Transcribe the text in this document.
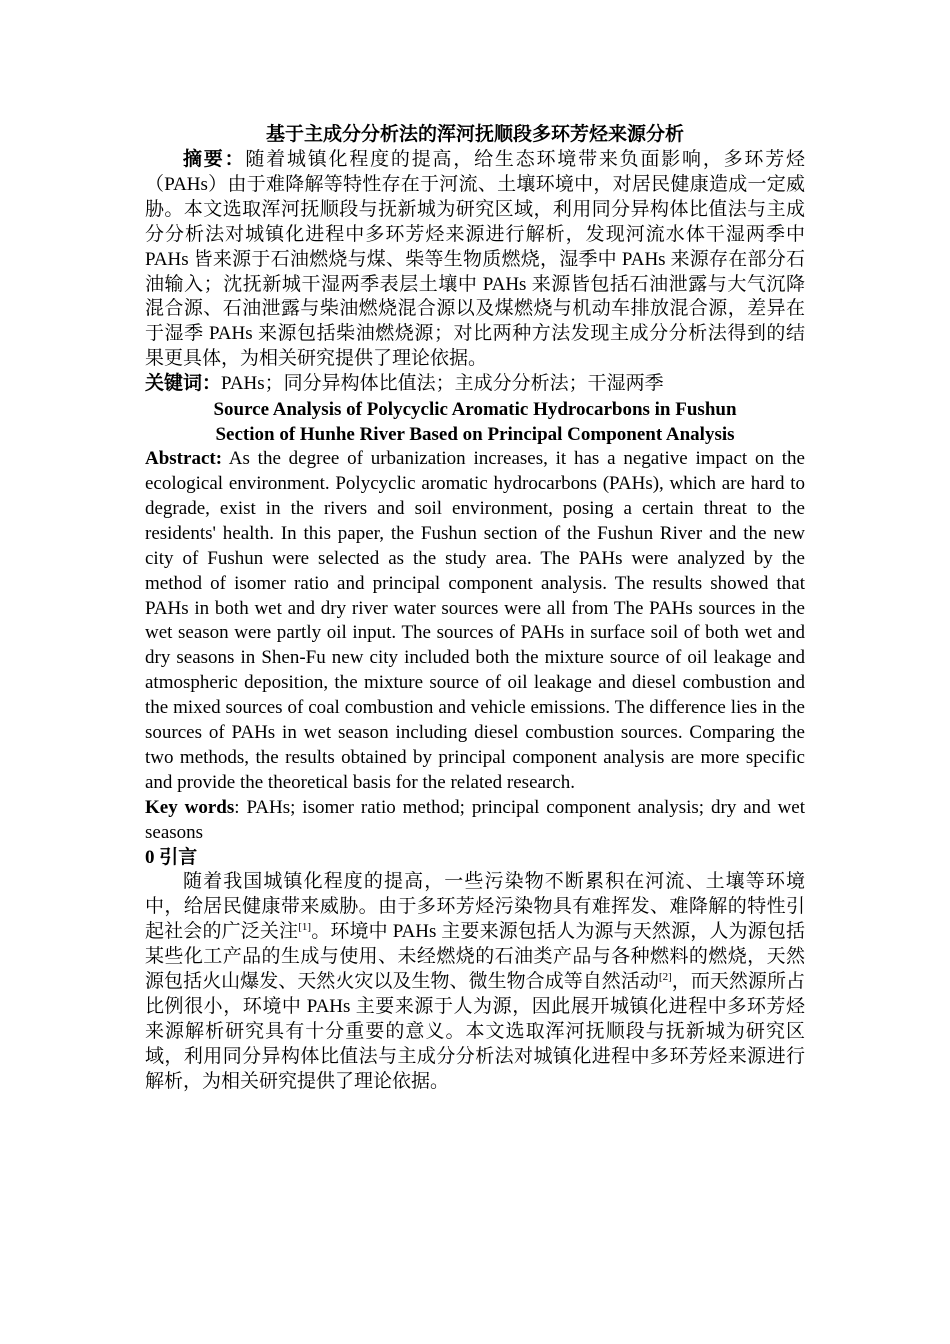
基于主成分分析法的浑河抚顺段多环芳烃来源分析

摘要：随着城镇化程度的提高，给生态环境带来负面影响，多环芳烃（PAHs）由于难降解等特性存在于河流、土壤环境中，对居民健康造成一定威胁。本文选取浑河抚顺段与抚新城为研究区域，利用同分异构体比值法与主成分分析法对城镇化进程中多环芳烃来源进行解析，发现河流水体干湿两季中 PAHs 皆来源于石油燃烧与煤、柴等生物质燃烧，湿季中 PAHs 来源存在部分石油输入；沈抚新城干湿两季表层土壤中 PAHs 来源皆包括石油泄露与大气沉降混合源、石油泄露与柴油燃烧混合源以及煤燃烧与机动车排放混合源，差异在于湿季 PAHs 来源包括柴油燃烧源；对比两种方法发现主成分分析法得到的结果更具体，为相关研究提供了理论依据。

关键词：PAHs；同分异构体比值法；主成分分析法；干湿两季

Source Analysis of Polycyclic Aromatic Hydrocarbons in Fushun
Section of Hunhe River Based on Principal Component Analysis

Abstract: As the degree of urbanization increases, it has a negative impact on the ecological environment. Polycyclic aromatic hydrocarbons (PAHs), which are hard to degrade, exist in the rivers and soil environment, posing a certain threat to the residents' health. In this paper, the Fushun section of the Fushun River and the new city of Fushun were selected as the study area. The PAHs were analyzed by the method of isomer ratio and principal component analysis. The results showed that PAHs in both wet and dry river water sources were all from The PAHs sources in the wet season were partly oil input. The sources of PAHs in surface soil of both wet and dry seasons in Shen-Fu new city included both the mixture source of oil leakage and atmospheric deposition, the mixture source of oil leakage and diesel combustion and the mixed sources of coal combustion and vehicle emissions. The difference lies in the sources of PAHs in wet season including diesel combustion sources. Comparing the two methods, the results obtained by principal component analysis are more specific and provide the theoretical basis for the related research.

Key words: PAHs; isomer ratio method; principal component analysis; dry and wet seasons

0 引言

随着我国城镇化程度的提高，一些污染物不断累积在河流、土壤等环境中，给居民健康带来威胁。由于多环芳烃污染物具有难挥发、难降解的特性引起社会的广泛关注[1]。环境中 PAHs 主要来源包括人为源与天然源，人为源包括某些化工产品的生成与使用、未经燃烧的石油类产品与各种燃料的燃烧，天然源包括火山爆发、天然火灾以及生物、微生物合成等自然活动[2]，而天然源所占比例很小，环境中 PAHs 主要来源于人为源，因此展开城镇化进程中多环芳烃来源解析研究具有十分重要的意义。本文选取浑河抚顺段与抚新城为研究区域，利用同分异构体比值法与主成分分析法对城镇化进程中多环芳烃来源进行解析，为相关研究提供了理论依据。
